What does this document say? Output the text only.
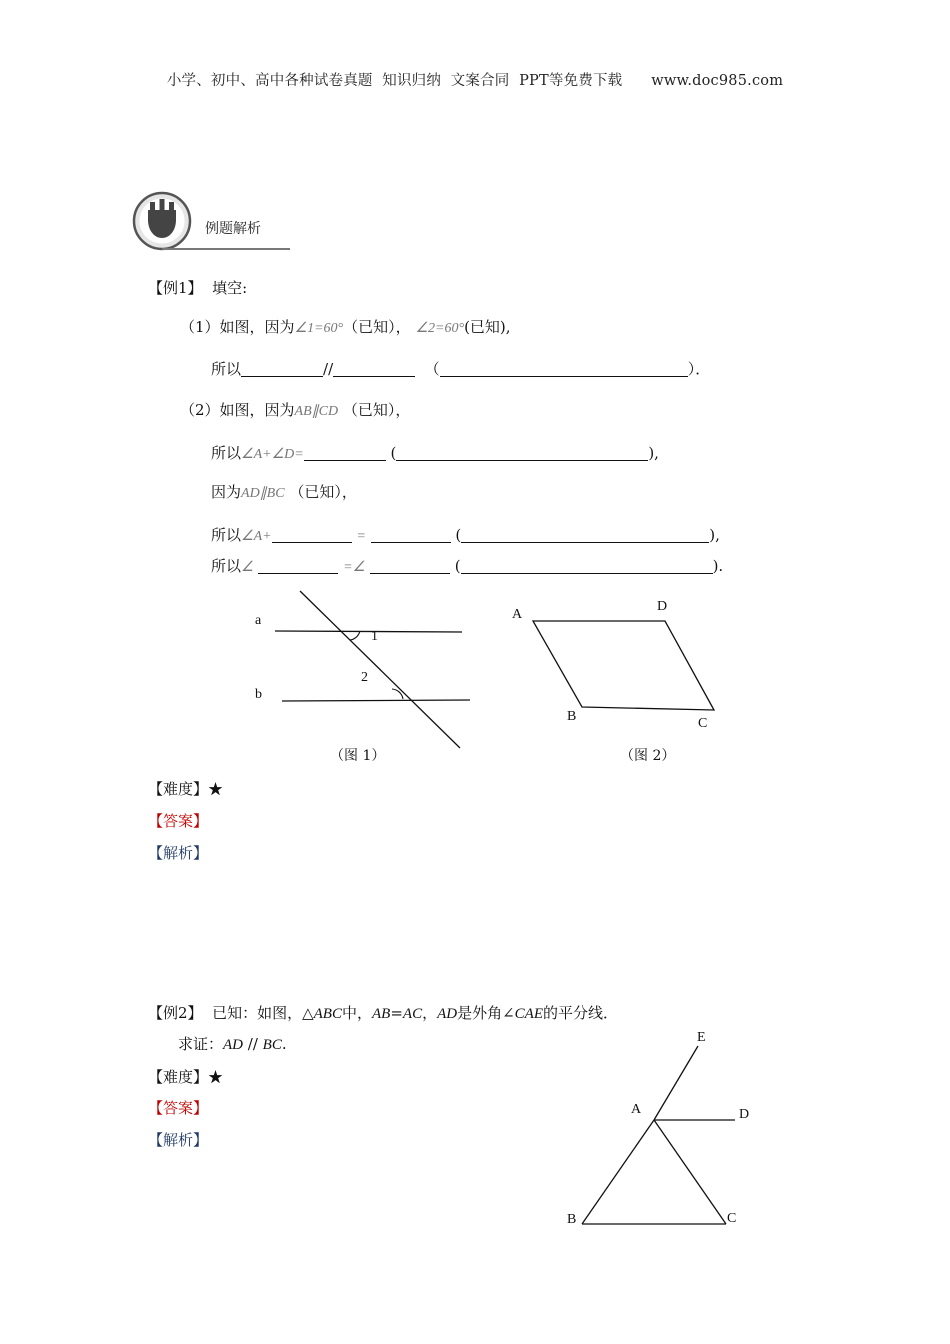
小学、初中、高中各种试卷真题  知识归纳  文案合同  PPT等免费下载      www.doc985.com
例题解析
【例1】 填空:
（1）如图，因为∠1=60°（已知）， ∠2=60°(已知),
所以	//	（	）．
（2）如图，因为AB∥CD （已知），
所以∠A+∠D=	(	),
因为AD∥BC （已知），
所以∠A+	=	(	),
所以∠	=∠	(	).
a
b
1
2
（图 1）
A
D
B	C
（图 2）
【难度】★
【答案】
【解析】
【例2】 已知：如图，△ABC中，AB=AC，AD是外角∠CAE的平分线．
求证：AD // BC.
【难度】★
【答案】
【解析】
E
A	D
B	C
